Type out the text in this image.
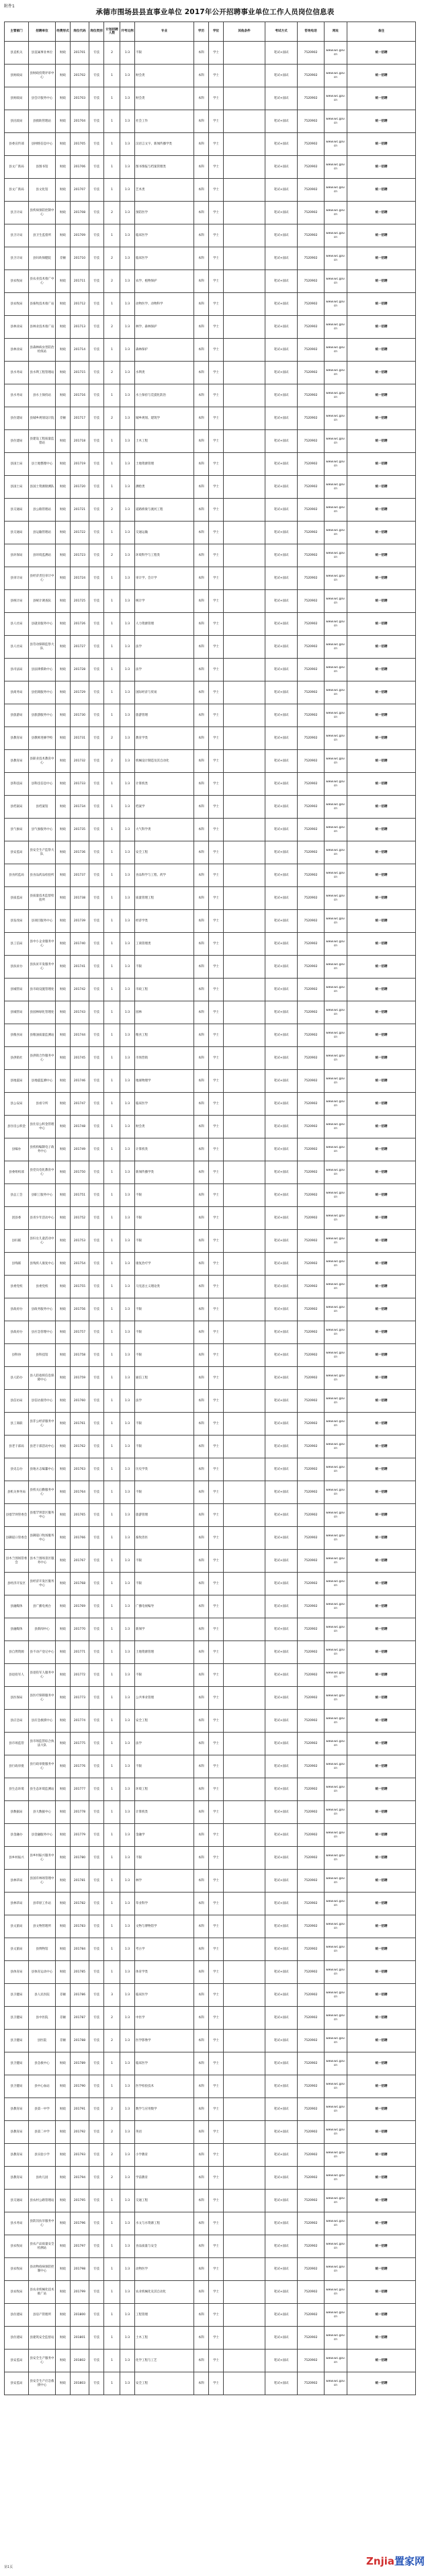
附件1
承德市围场县县直事业单位 2017年公开招聘事业单位工作人员岗位信息表
主管部门	招聘单位	经费形式	岗位代码	岗位类别	计划招聘人数	开考比例	专业	学历	学位	其他条件	考试方式	咨询电话	网址	备注
县直机关	县直属事业单位	财政	201701	专技	2	1:3	不限	本科	学士		笔试+面试	7520902	www.wc.gov.cn	统一招聘
县财政局	县财政投资评审中心	财政	201702	专技	1	1:3	财会类	本科	学士		笔试+面试	7520902	www.wc.gov.cn	统一招聘
县财政局	县会计服务中心	财政	201703	专技	1	1:3	财会类	本科	学士		笔试+面试	7520902	www.wc.gov.cn	统一招聘
县民政局	县救助管理站	财政	201704	专技	1	1:3	社会工作	本科	学士		笔试+面试	7520902	www.wc.gov.cn	统一招聘
县委宣传部	县网络信息中心	财政	201705	专技	1	1:3	汉语言文字、新闻传播学类	本科	学士		笔试+面试	7520902	www.wc.gov.cn	统一招聘
县文广新局	县图书馆	财政	201706	专技	1	1:3	图书情报与档案管理类	本科	学士		笔试+面试	7520902	www.wc.gov.cn	统一招聘
县文广新局	县文化馆	财政	201707	专技	1	1:3	艺术类	本科	学士		笔试+面试	7520902	www.wc.gov.cn	统一招聘
县卫计局	县疾病预防控制中心	财政	201708	专技	2	1:3	预防医学	本科	学士		笔试+面试	7520902	www.wc.gov.cn	统一招聘
县卫计局	县卫生监督所	财政	201709	专技	1	1:3	临床医学	本科	学士		笔试+面试	7520902	www.wc.gov.cn	统一招聘
县卫计局	县妇幼保健院	差额	201710	专技	2	1:3	临床医学	本科	学士		笔试+面试	7520902	www.wc.gov.cn	统一招聘
县农牧局	县农业技术推广中心	财政	201711	专技	2	1:3	农学、植物保护	本科	学士		笔试+面试	7520902	www.wc.gov.cn	统一招聘
县农牧局	县畜牧技术推广站	财政	201712	专技	1	1:3	动物医学、动物科学	本科	学士		笔试+面试	7520902	www.wc.gov.cn	统一招聘
县林业局	县林业技术推广站	财政	201713	专技	2	1:3	林学、森林保护	本科	学士		笔试+面试	7520902	www.wc.gov.cn	统一招聘
县林业局	县森林病虫害防治检疫站	财政	201714	专技	1	1:3	森林保护	本科	学士		笔试+面试	7520902	www.wc.gov.cn	统一招聘
县水务局	县水利工程管理站	财政	201715	专技	2	1:3	水利类	本科	学士		笔试+面试	7520902	www.wc.gov.cn	统一招聘
县水务局	县水土保持站	财政	201716	专技	1	1:3	水土保持与荒漠化防治	本科	学士		笔试+面试	7520902	www.wc.gov.cn	统一招聘
县住建局	县城乡规划设计院	差额	201717	专技	2	1:3	城乡规划、建筑学	本科	学士		笔试+面试	7520902	www.wc.gov.cn	统一招聘
县住建局	县建设工程质量监督站	财政	201718	专技	1	1:3	土木工程	本科	学士		笔试+面试	7520902	www.wc.gov.cn	统一招聘
县国土局	县土地整理中心	财政	201719	专技	1	1:3	土地资源管理	本科	学士		笔试+面试	7520902	www.wc.gov.cn	统一招聘
县国土局	县国土资源勘测队	财政	201720	专技	1	1:3	测绘类	本科	学士		笔试+面试	7520902	www.wc.gov.cn	统一招聘
县交通局	县公路管理站	财政	201721	专技	2	1:3	道路桥梁与渡河工程	本科	学士		笔试+面试	7520902	www.wc.gov.cn	统一招聘
县交通局	县运输管理站	财政	201722	专技	1	1:3	交通运输	本科	学士		笔试+面试	7520902	www.wc.gov.cn	统一招聘
县环保局	县环境监测站	财政	201723	专技	2	1:3	环境科学与工程类	本科	学士		笔试+面试	7520902	www.wc.gov.cn	统一招聘
县审计局	县经济责任审计中心	财政	201724	专技	1	1:3	审计学、会计学	本科	学士		笔试+面试	7520902	www.wc.gov.cn	统一招聘
县统计局	县统计调查队	财政	201725	专技	1	1:3	统计学	本科	学士		笔试+面试	7520902	www.wc.gov.cn	统一招聘
县人社局	县就业服务中心	财政	201726	专技	1	1:3	人力资源管理	本科	学士		笔试+面试	7520902	www.wc.gov.cn	统一招聘
县人社局	县劳动保障监察大队	财政	201727	专技	1	1:3	法学	本科	学士		笔试+面试	7520902	www.wc.gov.cn	统一招聘
县司法局	县法律援助中心	财政	201728	专技	1	1:3	法学	本科	学士		笔试+面试	7520902	www.wc.gov.cn	统一招聘
县商务局	县招商服务中心	财政	201729	专技	1	1:3	国际经济与贸易	本科	学士		笔试+面试	7520902	www.wc.gov.cn	统一招聘
县旅游局	县旅游服务中心	财政	201730	专技	1	1:3	旅游管理	本科	学士		笔试+面试	7520902	www.wc.gov.cn	统一招聘
县教育局	县教师进修学校	财政	201731	专技	2	1:3	教育学类	本科	学士		笔试+面试	7520902	www.wc.gov.cn	统一招聘
县教育局	县职业技术教育中心	财政	201732	专技	2	1:3	机械设计制造及其自动化	本科	学士		笔试+面试	7520902	www.wc.gov.cn	统一招聘
县科技局	县科技信息中心	财政	201733	专技	1	1:3	计算机类	本科	学士		笔试+面试	7520902	www.wc.gov.cn	统一招聘
县档案局	县档案馆	财政	201734	专技	1	1:3	档案学	本科	学士		笔试+面试	7520902	www.wc.gov.cn	统一招聘
县气象局	县气象服务中心	财政	201735	专技	1	1:3	大气科学类	本科	学士		笔试+面试	7520902	www.wc.gov.cn	统一招聘
县安监局	县安全生产监察大队	财政	201736	专技	1	1:3	安全工程	本科	学士		笔试+面试	7520902	www.wc.gov.cn	统一招聘
县食药监局	县食品药品检验所	财政	201737	专技	1	1:3	食品科学与工程、药学	本科	学士		笔试+面试	7520902	www.wc.gov.cn	统一招聘
县质监局	县质量技术监督检验所	财政	201738	专技	1	1:3	质量管理工程	本科	学士		笔试+面试	7520902	www.wc.gov.cn	统一招聘
县发改局	县项目服务中心	财政	201739	专技	1	1:3	经济学类	本科	学士		笔试+面试	7520902	www.wc.gov.cn	统一招聘
县工信局	县中小企业服务中心	财政	201740	专技	1	1:3	工商管理类	本科	学士		笔试+面试	7520902	www.wc.gov.cn	统一招聘
县扶贫办	县扶贫开发服务中心	财政	201741	专技	1	1:3	不限	本科	学士		笔试+面试	7520902	www.wc.gov.cn	统一招聘
县城管局	县市政设施管理处	财政	201742	专技	1	1:3	市政工程	本科	学士		笔试+面试	7520902	www.wc.gov.cn	统一招聘
县城管局	县园林绿化管理处	财政	201743	专技	1	1:3	园林	本科	学士		笔试+面试	7520902	www.wc.gov.cn	统一招聘
县粮食局	县粮油质量监测站	财政	201744	专技	1	1:3	粮食工程	本科	学士		笔试+面试	7520902	www.wc.gov.cn	统一招聘
县供销社	县供销合作服务中心	财政	201745	专技	1	1:3	市场营销	本科	学士		笔试+面试	7520902	www.wc.gov.cn	统一招聘
县地震局	县地震监测中心	财政	201746	专技	1	1:3	地球物理学	本科	学士		笔试+面试	7520902	www.wc.gov.cn	统一招聘
县公安局	县看守所	财政	201747	专技	1	1:3	临床医学	本科	学士		笔试+面试	7520902	www.wc.gov.cn	统一招聘
县住房公积金	县住房公积金管理中心	财政	201748	专技	1	1:3	财会类	本科	学士		笔试+面试	7520902	www.wc.gov.cn	统一招聘
县编办	县机构编制电子政务中心	财政	201749	专技	1	1:3	计算机类	本科	学士		笔试+面试	7520902	www.wc.gov.cn	统一招聘
县委组织部	县党员电化教育中心	财政	201750	专技	1	1:3	新闻传播学类	本科	学士		笔试+面试	7520902	www.wc.gov.cn	统一招聘
县总工会	县职工服务中心	财政	201751	专技	1	1:3	不限	本科	学士		笔试+面试	7520902	www.wc.gov.cn	统一招聘
团县委	县青少年活动中心	财政	201752	专技	1	1:3	不限	本科	学士		笔试+面试	7520902	www.wc.gov.cn	统一招聘
县妇联	县妇女儿童活动中心	财政	201753	专技	1	1:3	不限	本科	学士		笔试+面试	7520902	www.wc.gov.cn	统一招聘
县残联	县残疾人康复中心	财政	201754	专技	1	1:3	康复治疗学	本科	学士		笔试+面试	7520902	www.wc.gov.cn	统一招聘
县委党校	县委党校	财政	201755	专技	1	1:3	马克思主义理论类	本科	学士		笔试+面试	7520902	www.wc.gov.cn	统一招聘
县政府办	县政务服务中心	财政	201756	专技	1	1:3	不限	本科	学士		笔试+面试	7520902	www.wc.gov.cn	统一招聘
县政府办	县应急管理中心	财政	201757	专技	1	1:3	不限	本科	学士		笔试+面试	7520902	www.wc.gov.cn	统一招聘
县科协	县科技馆	财政	201758	专技	1	1:3	不限	本科	学士		笔试+面试	7520902	www.wc.gov.cn	统一招聘
县人防办	县人防指挥信息保障中心	财政	201759	专技	1	1:3	通信工程	本科	学士		笔试+面试	7520902	www.wc.gov.cn	统一招聘
县信访局	县信访接待中心	财政	201760	专技	1	1:3	法学	本科	学士		笔试+面试	7520902	www.wc.gov.cn	统一招聘
县工商联	县非公经济服务中心	财政	201761	专技	1	1:3	不限	本科	学士		笔试+面试	7520902	www.wc.gov.cn	统一招聘
县老干部局	县老干部活动中心	财政	201762	专技	1	1:3	不限	本科	学士		笔试+面试	7520902	www.wc.gov.cn	统一招聘
县史志办	县地方志编纂中心	财政	201763	专技	1	1:3	历史学类	本科	学士		笔试+面试	7520902	www.wc.gov.cn	统一招聘
县机关事务局	县机关后勤服务中心	财政	201764	专技	1	1:3	不限	本科	学士		笔试+面试	7520902	www.wc.gov.cn	统一招聘
县塞罕坝管委会	县塞罕坝景区服务中心	财政	201765	专技	1	1:3	旅游管理	本科	学士		笔试+面试	7520902	www.wc.gov.cn	统一招聘
县御道口管委会	县御道口牧场服务中心	财政	201766	专技	1	1:3	畜牧兽医	本科	学士		笔试+面试	7520902	www.wc.gov.cn	统一招聘
县木兰围场管委会	县木兰围场景区服务中心	财政	201767	专技	1	1:3	不限	本科	学士		笔试+面试	7520902	www.wc.gov.cn	统一招聘
县经济开发区	县经济开发区服务中心	财政	201768	专技	1	1:3	不限	本科	学士		笔试+面试	7520902	www.wc.gov.cn	统一招聘
县融媒体	县广播电视台	财政	201769	专技	1	1:3	广播电视编导	本科	学士		笔试+面试	7520902	www.wc.gov.cn	统一招聘
县融媒体	县新闻中心	财政	201770	专技	1	1:3	新闻学	本科	学士		笔试+面试	7520902	www.wc.gov.cn	统一招聘
县自然资源	县不动产登记中心	财政	201771	专技	1	1:3	土地资源管理	本科	学士		笔试+面试	7520902	www.wc.gov.cn	统一招聘
县退役军人	县退役军人服务中心	财政	201772	专技	1	1:3	不限	本科	学士		笔试+面试	7520902	www.wc.gov.cn	统一招聘
县医保局	县医疗保障服务中心	财政	201773	专技	1	1:3	公共事业管理	本科	学士		笔试+面试	7520902	www.wc.gov.cn	统一招聘
县应急局	县应急救援中心	财政	201774	专技	1	1:3	安全工程	本科	学士		笔试+面试	7520902	www.wc.gov.cn	统一招聘
县市场监管	县市场监管综合执法大队	财政	201775	专技	1	1:3	法学	本科	学士		笔试+面试	7520902	www.wc.gov.cn	统一招聘
县行政审批	县行政审批服务中心	财政	201776	专技	1	1:3	不限	本科	学士		笔试+面试	7520902	www.wc.gov.cn	统一招聘
县生态环境	县生态环境监测站	财政	201777	专技	1	1:3	环境工程	本科	学士		笔试+面试	7520902	www.wc.gov.cn	统一招聘
县数据局	县大数据中心	财政	201778	专技	1	1:3	计算机类	本科	学士		笔试+面试	7520902	www.wc.gov.cn	统一招聘
县金融办	县金融服务中心	财政	201779	专技	1	1:3	金融学	本科	学士		笔试+面试	7520902	www.wc.gov.cn	统一招聘
县乡村振兴	县乡村振兴服务中心	财政	201780	专技	1	1:3	不限	本科	学士		笔试+面试	7520902	www.wc.gov.cn	统一招聘
县林草局	县国有林场管理中心	财政	201781	专技	1	1:3	林学	本科	学士		笔试+面试	7520902	www.wc.gov.cn	统一招聘
县林草局	县草原工作站	财政	201782	专技	1	1:3	草业科学	本科	学士		笔试+面试	7520902	www.wc.gov.cn	统一招聘
县文旅局	县文物管理所	财政	201783	专技	1	1:3	文物与博物馆学	本科	学士		笔试+面试	7520902	www.wc.gov.cn	统一招聘
县文旅局	县博物馆	财政	201784	专技	1	1:3	考古学	本科	学士		笔试+面试	7520902	www.wc.gov.cn	统一招聘
县体育局	县体育运动中心	财政	201785	专技	1	1:3	体育学类	本科	学士		笔试+面试	7520902	www.wc.gov.cn	统一招聘
县卫健局	县人民医院	差额	201786	专技	3	1:3	临床医学	本科	学士		笔试+面试	7520902	www.wc.gov.cn	统一招聘
县卫健局	县中医院	差额	201787	专技	2	1:3	中医学	本科	学士		笔试+面试	7520902	www.wc.gov.cn	统一招聘
县卫健局	县医院	差额	201788	专技	2	1:3	医学影像学	本科	学士		笔试+面试	7520902	www.wc.gov.cn	统一招聘
县卫健局	县急救中心	财政	201789	专技	1	1:3	临床医学	本科	学士		笔试+面试	7520902	www.wc.gov.cn	统一招聘
县卫健局	县中心血站	财政	201790	专技	1	1:3	医学检验技术	本科	学士		笔试+面试	7520902	www.wc.gov.cn	统一招聘
县教育局	县第一中学	财政	201791	专技	2	1:3	数学与应用数学	本科	学士		笔试+面试	7520902	www.wc.gov.cn	统一招聘
县教育局	县第二中学	财政	201792	专技	2	1:3	英语	本科	学士		笔试+面试	7520902	www.wc.gov.cn	统一招聘
县教育局	县实验小学	财政	201793	专技	2	1:3	小学教育	本科	学士		笔试+面试	7520902	www.wc.gov.cn	统一招聘
县教育局	县幼儿园	财政	201794	专技	2	1:3	学前教育	本科	学士		笔试+面试	7520902	www.wc.gov.cn	统一招聘
县交通局	县农村公路管理站	财政	201795	专技	1	1:3	交通工程	本科	学士		笔试+面试	7520902	www.wc.gov.cn	统一招聘
县水务局	县防汛抗旱服务中心	财政	201796	专技	1	1:3	水文与水资源工程	本科	学士		笔试+面试	7520902	www.wc.gov.cn	统一招聘
县农牧局	县农产品质量安全检测站	财政	201797	专技	1	1:3	食品质量与安全	本科	学士		笔试+面试	7520902	www.wc.gov.cn	统一招聘
县农牧局	县动物疫病预防控制中心	财政	201798	专技	1	1:3	动物医学	本科	学士		笔试+面试	7520902	www.wc.gov.cn	统一招聘
县农牧局	县农业机械化技术推广站	财政	201799	专技	1	1:3	农业机械化及其自动化	本科	学士		笔试+面试	7520902	www.wc.gov.cn	统一招聘
县住建局	县房产管理所	财政	201800	专技	1	1:3	工程管理	本科	学士		笔试+面试	7520902	www.wc.gov.cn	统一招聘
县住建局	县建筑安全监督站	财政	201801	专技	1	1:3	土木工程	本科	学士		笔试+面试	7520902	www.wc.gov.cn	统一招聘
县安监局	县安全生产服务中心	财政	201802	专技	1	1:3	化学工程与工艺	本科	学士		笔试+面试	7520902	www.wc.gov.cn	统一招聘
县安监局	县安全生产应急救援中心	财政	201803	专技	1	1:3	安全工程	本科	学士		笔试+面试	7520902	www.wc.gov.cn	统一招聘
第1页	Znjia置家网
